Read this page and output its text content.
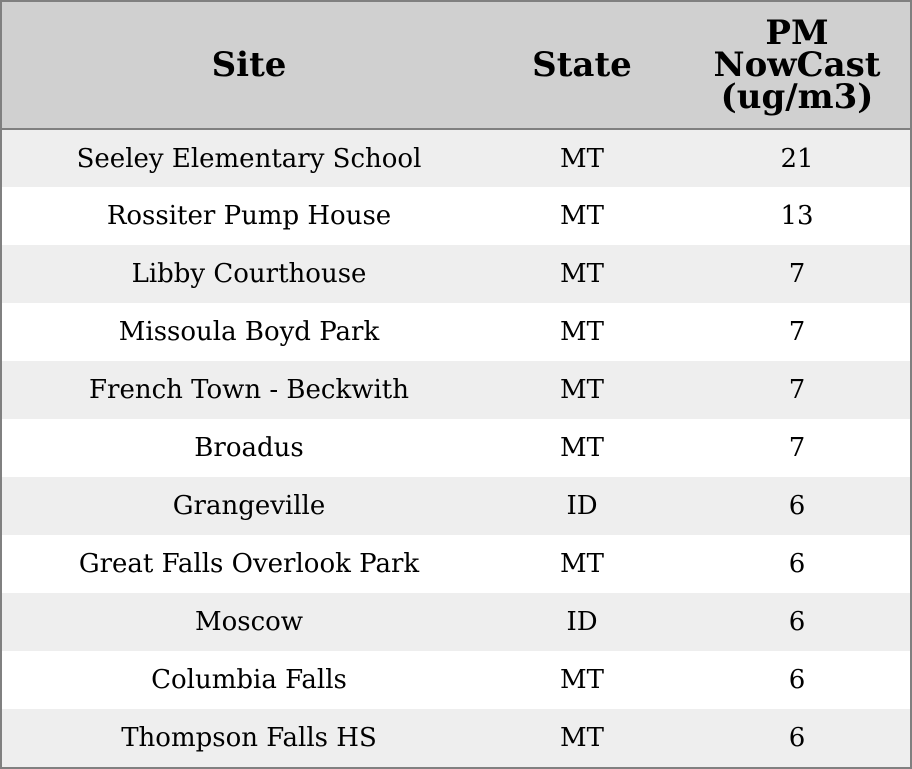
Site	State	PM
NowCast
(ug/m3)

Seeley Elementary School	MT	21
Rossiter Pump House	MT	13
Libby Courthouse	MT	7
Missoula Boyd Park	MT	7
French Town - Beckwith	MT	7
Broadus	MT	7
Grangeville	ID	6
Great Falls Overlook Park	MT	6
Moscow	ID	6
Columbia Falls	MT	6
Thompson Falls HS	MT	6
